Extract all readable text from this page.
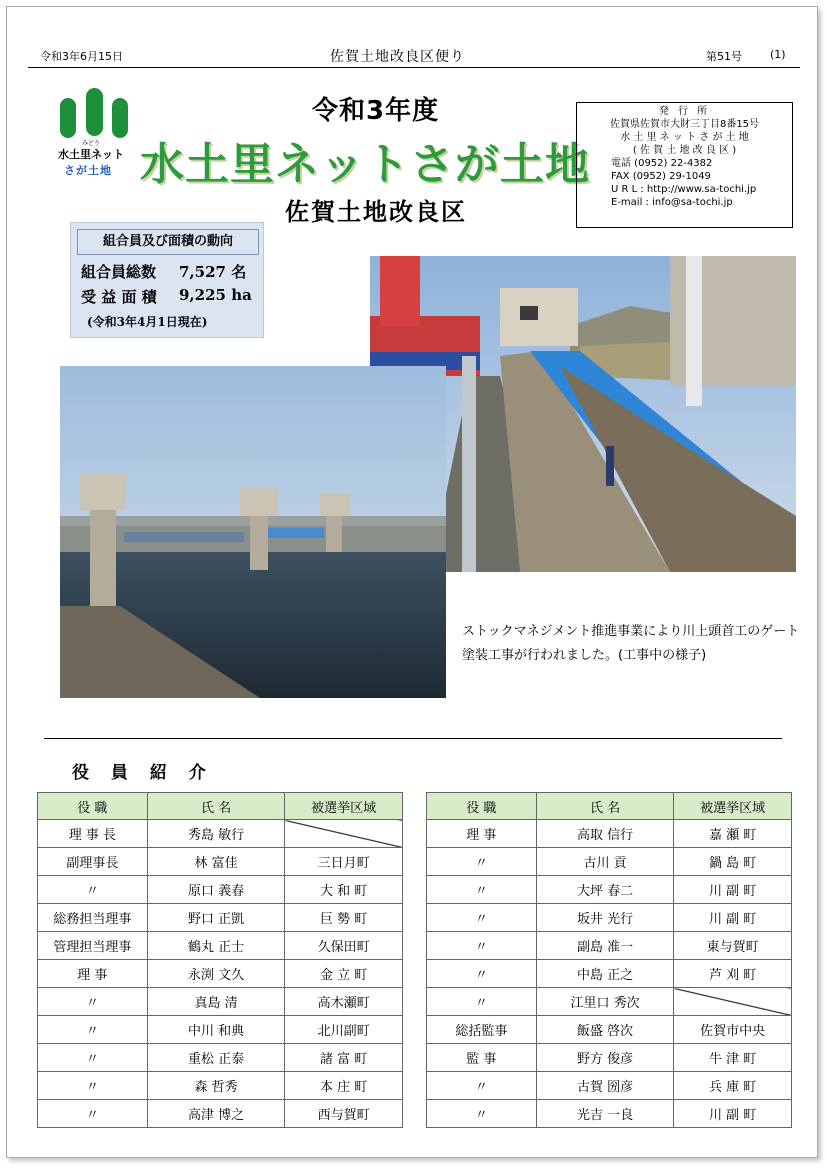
令和3年6月15日	佐賀土地改良区便り	第51号	(1)
みどり
水土里ネット
さが土地
令和3年度
水土里ネットさが土地
佐賀土地改良区
発 行 所
佐賀県佐賀市大財三丁目8番15号
水 土 里 ネ ッ ト さ が 土 地
( 佐 賀 土 地 改 良 区 )
電話 (0952) 22-4382
FAX (0952) 29-1049
U R L : http://www.sa-tochi.jp
E-mail : info@sa-tochi.jp
組合員及び面積の動向
組合員総数 7,527 名
受 益 面 積 9,225 ha
(令和3年4月1日現在)
ストックマネジメント推進事業により川上頭首工のゲート塗装工事が行われました。(工事中の様子)
役 員 紹 介
役 職	氏 名	被選挙区域
理 事 長	秀島 敏行	
副理事長	林 富佳	三日月町
〃	原口 義春	大 和 町
総務担当理事	野口 正凱	巨 勢 町
管理担当理事	鶴丸 正士	久保田町
理 事	永渕 文久	金 立 町
〃	真島 清	高木瀬町
〃	中川 和典	北川副町
〃	重松 正泰	諸 富 町
〃	森 哲秀	本 庄 町
〃	高津 博之	西与賀町
役 職	氏 名	被選挙区域
理 事	高取 信行	嘉 瀬 町
〃	古川 貢	鍋 島 町
〃	大坪 春二	川 副 町
〃	坂井 光行	川 副 町
〃	副島 准一	東与賀町
〃	中島 正之	芦 刈 町
〃	江里口 秀次	
総括監事	飯盛 啓次	佐賀市中央
監 事	野方 俊彦	牛 津 町
〃	古賀 圀彦	兵 庫 町
〃	光吉 一良	川 副 町
